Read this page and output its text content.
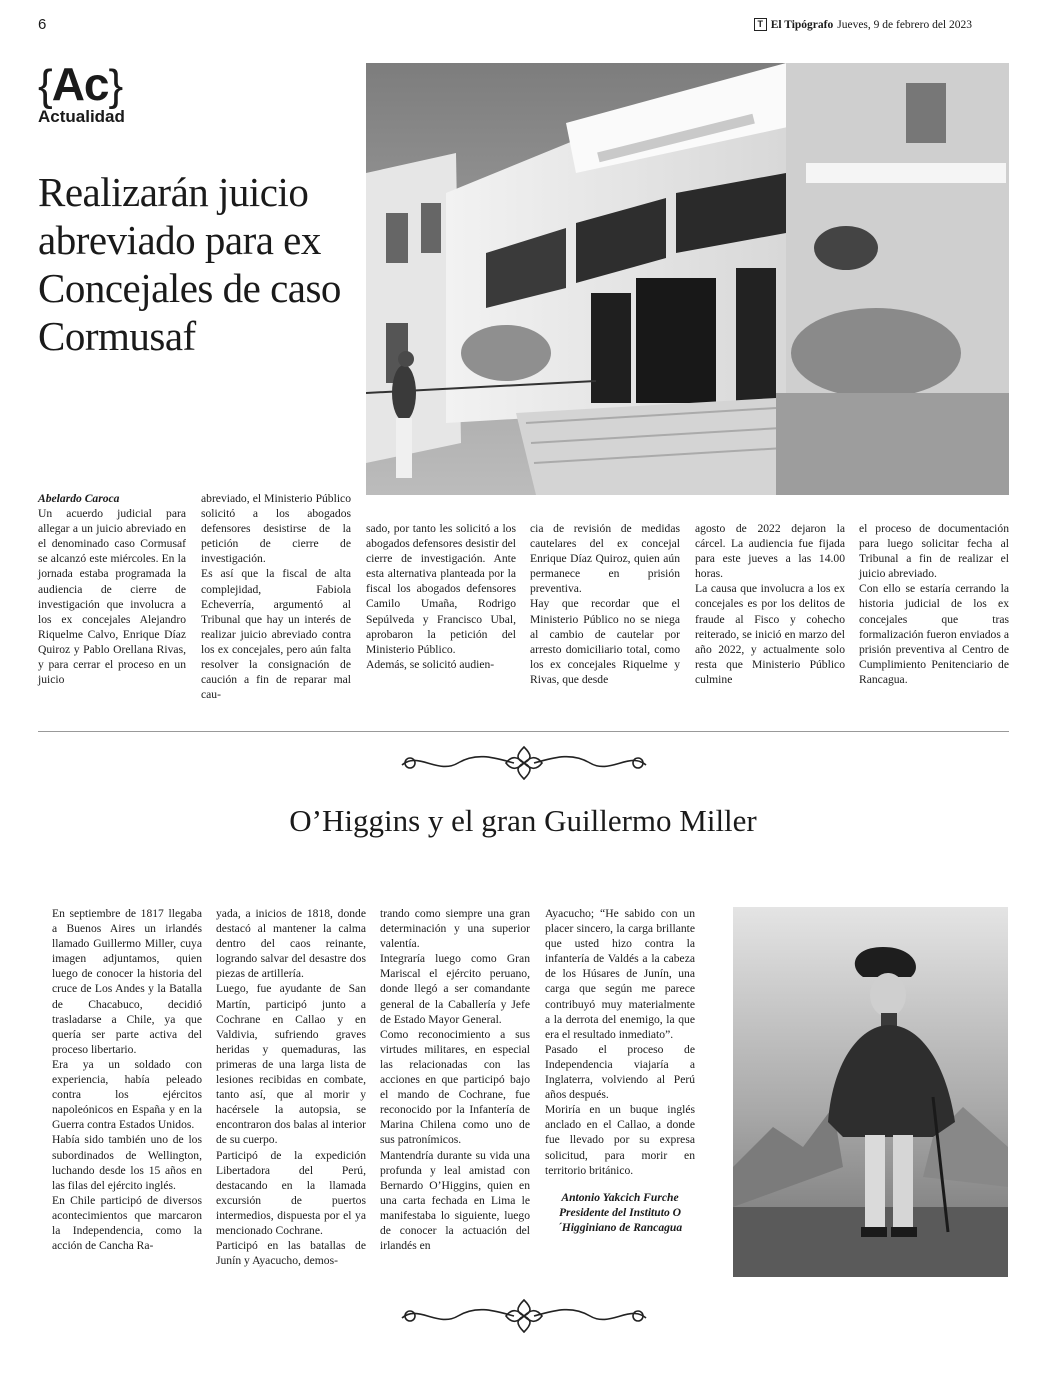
6	T El Tipógrafo Jueves, 9 de febrero del 2023
{Ac}
Actualidad
Realizarán juicio abreviado para ex Concejales de caso Cormusaf

Abelardo Caroca

Un acuerdo judicial para allegar a un juicio abreviado en el denominado caso Cormusaf se alcanzó este miércoles. En la jornada estaba programada la audiencia de cierre de investigación que involucra a los ex concejales Alejandro Riquelme Calvo, Enrique Díaz Quiroz y Pablo Orellana Rivas, y para cerrar el proceso en un juicio

abreviado, el Ministerio Público solicitó a los abogados defensores desistirse de la petición de cierre de investigación.

Es así que la fiscal de alta complejidad, Fabiola Echeverría, argumentó al Tribunal que hay un interés de realizar juicio abreviado contra los ex concejales, pero aún falta resolver la consignación de caución a fin de reparar mal cau-

sado, por tanto les solicitó a los abogados defensores desistir del cierre de investigación. Ante esta alternativa planteada por la fiscal los abogados defensores Camilo Umaña, Rodrigo Sepúlveda y Francisco Ubal, aprobaron la petición del Ministerio Público.

Además, se solicitó audien-

cia de revisión de medidas cautelares del ex concejal Enrique Díaz Quiroz, quien aún permanece en prisión preventiva.

Hay que recordar que el Ministerio Público no se niega al cambio de cautelar por arresto domiciliario total, como los ex concejales Riquelme y Rivas, que desde

agosto de 2022 dejaron la cárcel. La audiencia fue fijada para este jueves a las 14.00 horas.

La causa que involucra a los ex concejales es por los delitos de fraude al Fisco y cohecho reiterado, se inició en marzo del año 2022, y actualmente solo resta que Ministerio Público culmine

el proceso de documentación para luego solicitar fecha al Tribunal a fin de realizar el juicio abreviado.

Con ello se estaría cerrando la historia judicial de los ex concejales que tras formalización fueron enviados a prisión preventiva al Centro de Cumplimiento Penitenciario de Rancagua.

O’Higgins y el gran Guillermo Miller

En septiembre de 1817 llegaba a Buenos Aires un irlandés llamado Guillermo Miller, cuya imagen adjuntamos, quien luego de conocer la historia del cruce de Los Andes y la Batalla de Chacabuco, decidió trasladarse a Chile, ya que quería ser parte activa del proceso libertario.

Era ya un soldado con experiencia, había peleado contra los ejércitos napoleónicos en España y en la Guerra contra Estados Unidos.

Había sido también uno de los subordinados de Wellington, luchando desde los 15 años en las filas del ejército inglés.

En Chile participó de diversos acontecimientos que marcaron la Independencia, como la acción de Cancha Ra-

yada, a inicios de 1818, donde destacó al mantener la calma dentro del caos reinante, logrando salvar del desastre dos piezas de artillería.

Luego, fue ayudante de San Martín, participó junto a Cochrane en Callao y en Valdivia, sufriendo graves heridas y quemaduras, las primeras de una larga lista de lesiones recibidas en combate, tanto así, que al morir y hacérsele la autopsia, se encontraron dos balas al interior de su cuerpo.

Participó de la expedición Libertadora del Perú, destacando en la llamada excursión de puertos intermedios, dispuesta por el ya mencionado Cochrane.

Participó en las batallas de Junín y Ayacucho, demos-

trando como siempre una gran determinación y una superior valentía.

Integraría luego como Gran Mariscal el ejército peruano, donde llegó a ser comandante general de la Caballería y Jefe de Estado Mayor General.

Como reconocimiento a sus virtudes militares, en especial las relacionadas con las acciones en que participó bajo el mando de Cochrane, fue reconocido por la Infantería de Marina Chilena como uno de sus patronímicos.

Mantendría durante su vida una profunda y leal amistad con Bernardo O’Higgins, quien en una carta fechada en Lima le manifestaba lo siguiente, luego de conocer la actuación del irlandés en

Ayacucho; “He sabido con un placer sincero, la carga brillante que usted hizo contra la infantería de Valdés a la cabeza de los Húsares de Junín, una carga que según me parece contribuyó muy materialmente a la derrota del enemigo, la que era el resultado inmediato”.

Pasado el proceso de Independencia viajaría a Inglaterra, volviendo al Perú años después.

Moriría en un buque inglés anclado en el Callao, a donde fue llevado por su expresa solicitud, para morir en territorio británico.

Antonio Yakcich Furche
Presidente del Instituto O´Higginiano de Rancagua
